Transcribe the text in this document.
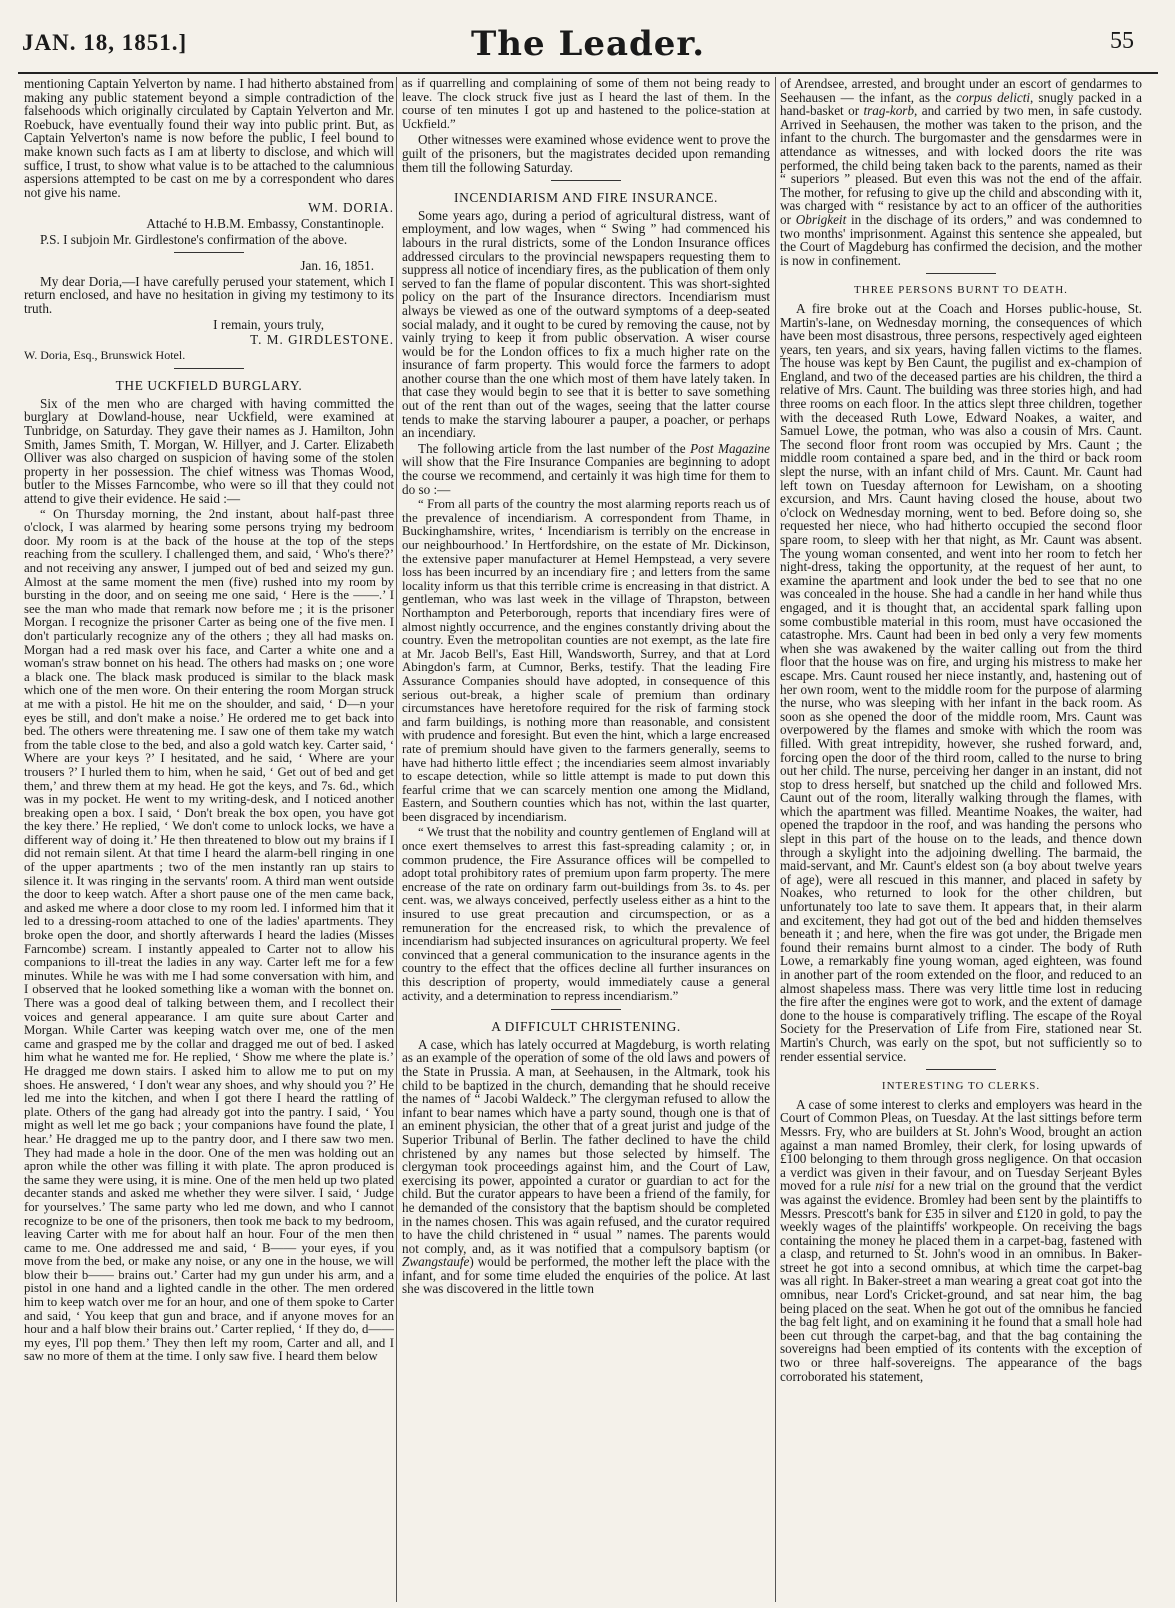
JAN. 18, 1851.]	The Leader.	55

mentioning Captain Yelverton by name. I had hitherto abstained from making any public statement beyond a simple contradiction of the falsehoods which originally circulated by Captain Yelverton and Mr. Roebuck, have eventually found their way into public print. But, as Captain Yelverton's name is now before the public, I feel bound to make known such facts as I am at liberty to disclose, and which will suffice, I trust, to show what value is to be attached to the calumnious aspersions attempted to be cast on me by a correspondent who dares not give his name.

WM. DORIA.

Attaché to H.B.M. Embassy, Constantinople.

P.S. I subjoin Mr. Girdlestone's confirmation of the above.

Jan. 16, 1851.

My dear Doria,—I have carefully perused your statement, which I return enclosed, and have no hesitation in giving my testimony to its truth.

I remain, yours truly,

T. M. GIRDLESTONE.

W. Doria, Esq., Brunswick Hotel.

THE UCKFIELD BURGLARY.

Six of the men who are charged with having committed the burglary at Dowland-house, near Uckfield, were examined at Tunbridge, on Saturday. They gave their names as J. Hamilton, John Smith, James Smith, T. Morgan, W. Hillyer, and J. Carter. Elizabeth Olliver was also charged on suspicion of having some of the stolen property in her possession. The chief witness was Thomas Wood, butler to the Misses Farncombe, who were so ill that they could not attend to give their evidence. He said :—

“ On Thursday morning, the 2nd instant, about half-past three o'clock, I was alarmed by hearing some persons trying my bedroom door. My room is at the back of the house at the top of the steps reaching from the scullery. I challenged them, and said, ‘ Who's there?’ and not receiving any answer, I jumped out of bed and seized my gun. Almost at the same moment the men (five) rushed into my room by bursting in the door, and on seeing me one said, ‘ Here is the ——.’ I see the man who made that remark now before me ; it is the prisoner Morgan. I recognize the prisoner Carter as being one of the five men. I don't particularly recognize any of the others ; they all had masks on. Morgan had a red mask over his face, and Carter a white one and a woman's straw bonnet on his head. The others had masks on ; one wore a black one. The black mask produced is similar to the black mask which one of the men wore. On their entering the room Morgan struck at me with a pistol. He hit me on the shoulder, and said, ‘ D—n your eyes be still, and don't make a noise.’ He ordered me to get back into bed. The others were threatening me. I saw one of them take my watch from the table close to the bed, and also a gold watch key. Carter said, ‘ Where are your keys ?’ I hesitated, and he said, ‘ Where are your trousers ?’ I hurled them to him, when he said, ‘ Get out of bed and get them,’ and threw them at my head. He got the keys, and 7s. 6d., which was in my pocket. He went to my writing-desk, and I noticed another breaking open a box. I said, ‘ Don't break the box open, you have got the key there.’ He replied, ‘ We don't come to unlock locks, we have a different way of doing it.’ He then threatened to blow out my brains if I did not remain silent. At that time I heard the alarm-bell ringing in one of the upper apartments ; two of the men instantly ran up stairs to silence it. It was ringing in the servants' room. A third man went outside the door to keep watch. After a short pause one of the men came back, and asked me where a door close to my room led. I informed him that it led to a dressing-room attached to one of the ladies' apartments. They broke open the door, and shortly afterwards I heard the ladies (Misses Farncombe) scream. I instantly appealed to Carter not to allow his companions to ill-treat the ladies in any way. Carter left me for a few minutes. While he was with me I had some conversation with him, and I observed that he looked something like a woman with the bonnet on. There was a good deal of talking between them, and I recollect their voices and general appearance. I am quite sure about Carter and Morgan. While Carter was keeping watch over me, one of the men came and grasped me by the collar and dragged me out of bed. I asked him what he wanted me for. He replied, ‘ Show me where the plate is.’ He dragged me down stairs. I asked him to allow me to put on my shoes. He answered, ‘ I don't wear any shoes, and why should you ?’ He led me into the kitchen, and when I got there I heard the rattling of plate. Others of the gang had already got into the pantry. I said, ‘ You might as well let me go back ; your companions have found the plate, I hear.’ He dragged me up to the pantry door, and I there saw two men. They had made a hole in the door. One of the men was holding out an apron while the other was filling it with plate. The apron produced is the same they were using, it is mine. One of the men held up two plated decanter stands and asked me whether they were silver. I said, ‘ Judge for yourselves.’ The same party who led me down, and who I cannot recognize to be one of the prisoners, then took me back to my bedroom, leaving Carter with me for about half an hour. Four of the men then came to me. One addressed me and said, ‘ B—— your eyes, if you move from the bed, or make any noise, or any one in the house, we will blow their b—— brains out.’ Carter had my gun under his arm, and a pistol in one hand and a lighted candle in the other. The men ordered him to keep watch over me for an hour, and one of them spoke to Carter and said, ‘ You keep that gun and brace, and if anyone moves for an hour and a half blow their brains out.’ Carter replied, ‘ If they do, d—— my eyes, I'll pop them.’ They then left my room, Carter and all, and I saw no more of them at the time. I only saw five. I heard them below

as if quarrelling and complaining of some of them not being ready to leave. The clock struck five just as I heard the last of them. In the course of ten minutes I got up and hastened to the police-station at Uckfield.”

Other witnesses were examined whose evidence went to prove the guilt of the prisoners, but the magistrates decided upon remanding them till the following Saturday.

INCENDIARISM AND FIRE INSURANCE.

Some years ago, during a period of agricultural distress, want of employment, and low wages, when “ Swing ” had commenced his labours in the rural districts, some of the London Insurance offices addressed circulars to the provincial newspapers requesting them to suppress all notice of incendiary fires, as the publication of them only served to fan the flame of popular discontent. This was short-sighted policy on the part of the Insurance directors. Incendiarism must always be viewed as one of the outward symptoms of a deep-seated social malady, and it ought to be cured by removing the cause, not by vainly trying to keep it from public observation. A wiser course would be for the London offices to fix a much higher rate on the insurance of farm property. This would force the farmers to adopt another course than the one which most of them have lately taken. In that case they would begin to see that it is better to save something out of the rent than out of the wages, seeing that the latter course tends to make the starving labourer a pauper, a poacher, or perhaps an incendiary.

The following article from the last number of the Post Magazine will show that the Fire Insurance Companies are beginning to adopt the course we recommend, and certainly it was high time for them to do so :—

“ From all parts of the country the most alarming reports reach us of the prevalence of incendiarism. A correspondent from Thame, in Buckinghamshire, writes, ‘ Incendiarism is terribly on the encrease in our neighbourhood.’ In Hertfordshire, on the estate of Mr. Dickinson, the extensive paper manufacturer at Hemel Hempstead, a very severe loss has been incurred by an incendiary fire ; and letters from the same locality inform us that this terrible crime is encreasing in that district. A gentleman, who was last week in the village of Thrapston, between Northampton and Peterborough, reports that incendiary fires were of almost nightly occurrence, and the engines constantly driving about the country. Even the metropolitan counties are not exempt, as the late fire at Mr. Jacob Bell's, East Hill, Wandsworth, Surrey, and that at Lord Abingdon's farm, at Cumnor, Berks, testify. That the leading Fire Assurance Companies should have adopted, in consequence of this serious out-break, a higher scale of premium than ordinary circumstances have heretofore required for the risk of farming stock and farm buildings, is nothing more than reasonable, and consistent with prudence and foresight. But even the hint, which a large encreased rate of premium should have given to the farmers generally, seems to have had hitherto little effect ; the incendiaries seem almost invariably to escape detection, while so little attempt is made to put down this fearful crime that we can scarcely mention one among the Midland, Eastern, and Southern counties which has not, within the last quarter, been disgraced by incendiarism.

“ We trust that the nobility and country gentlemen of England will at once exert themselves to arrest this fast-spreading calamity ; or, in common prudence, the Fire Assurance offices will be compelled to adopt total prohibitory rates of premium upon farm property. The mere encrease of the rate on ordinary farm out-buildings from 3s. to 4s. per cent. was, we always conceived, perfectly useless either as a hint to the insured to use great precaution and circumspection, or as a remuneration for the encreased risk, to which the prevalence of incendiarism had subjected insurances on agricultural property. We feel convinced that a general communication to the insurance agents in the country to the effect that the offices decline all further insurances on this description of property, would immediately cause a general activity, and a determination to repress incendiarism.”

A DIFFICULT CHRISTENING.

A case, which has lately occurred at Magdeburg, is worth relating as an example of the operation of some of the old laws and powers of the State in Prussia. A man, at Seehausen, in the Altmark, took his child to be baptized in the church, demanding that he should receive the names of “ Jacobi Waldeck.” The clergyman refused to allow the infant to bear names which have a party sound, though one is that of an eminent physician, the other that of a great jurist and judge of the Superior Tribunal of Berlin. The father declined to have the child christened by any names but those selected by himself. The clergyman took proceedings against him, and the Court of Law, exercising its power, appointed a curator or guardian to act for the child. But the curator appears to have been a friend of the family, for he demanded of the consistory that the baptism should be completed in the names chosen. This was again refused, and the curator required to have the child christened in “ usual ” names. The parents would not comply, and, as it was notified that a compulsory baptism (or Zwangstaufe) would be performed, the mother left the place with the infant, and for some time eluded the enquiries of the police. At last she was discovered in the little town

of Arendsee, arrested, and brought under an escort of gendarmes to Seehausen — the infant, as the corpus delicti, snugly packed in a hand-basket or trag-korb, and carried by two men, in safe custody. Arrived in Seehausen, the mother was taken to the prison, and the infant to the church. The burgomaster and the gensdarmes were in attendance as witnesses, and with locked doors the rite was performed, the child being taken back to the parents, named as their “ superiors ” pleased. But even this was not the end of the affair. The mother, for refusing to give up the child and absconding with it, was charged with “ resistance by act to an officer of the authorities or Obrigkeit in the dischage of its orders,” and was condemned to two months' imprisonment. Against this sentence she appealed, but the Court of Magdeburg has confirmed the decision, and the mother is now in confinement.

THREE PERSONS BURNT TO DEATH.

A fire broke out at the Coach and Horses public-house, St. Martin's-lane, on Wednesday morning, the consequences of which have been most disastrous, three persons, respectively aged eighteen years, ten years, and six years, having fallen victims to the flames. The house was kept by Ben Caunt, the pugilist and ex-champion of England, and two of the deceased parties are his children, the third a relative of Mrs. Caunt. The building was three stories high, and had three rooms on each floor. In the attics slept three children, together with the deceased Ruth Lowe, Edward Noakes, a waiter, and Samuel Lowe, the potman, who was also a cousin of Mrs. Caunt. The second floor front room was occupied by Mrs. Caunt ; the middle room contained a spare bed, and in the third or back room slept the nurse, with an infant child of Mrs. Caunt. Mr. Caunt had left town on Tuesday afternoon for Lewisham, on a shooting excursion, and Mrs. Caunt having closed the house, about two o'clock on Wednesday morning, went to bed. Before doing so, she requested her niece, who had hitherto occupied the second floor spare room, to sleep with her that night, as Mr. Caunt was absent. The young woman consented, and went into her room to fetch her night-dress, taking the opportunity, at the request of her aunt, to examine the apartment and look under the bed to see that no one was concealed in the house. She had a candle in her hand while thus engaged, and it is thought that, an accidental spark falling upon some combustible material in this room, must have occasioned the catastrophe. Mrs. Caunt had been in bed only a very few moments when she was awakened by the waiter calling out from the third floor that the house was on fire, and urging his mistress to make her escape. Mrs. Caunt roused her niece instantly, and, hastening out of her own room, went to the middle room for the purpose of alarming the nurse, who was sleeping with her infant in the back room. As soon as she opened the door of the middle room, Mrs. Caunt was overpowered by the flames and smoke with which the room was filled. With great intrepidity, however, she rushed forward, and, forcing open the door of the third room, called to the nurse to bring out her child. The nurse, perceiving her danger in an instant, did not stop to dress herself, but snatched up the child and followed Mrs. Caunt out of the room, literally walking through the flames, with which the apartment was filled. Meantime Noakes, the waiter, had opened the trapdoor in the roof, and was handing the persons who slept in this part of the house on to the leads, and thence down through a skylight into the adjoining dwelling. The barmaid, the maid-servant, and Mr. Caunt's eldest son (a boy about twelve years of age), were all rescued in this manner, and placed in safety by Noakes, who returned to look for the other children, but unfortunately too late to save them. It appears that, in their alarm and excitement, they had got out of the bed and hidden themselves beneath it ; and here, when the fire was got under, the Brigade men found their remains burnt almost to a cinder. The body of Ruth Lowe, a remarkably fine young woman, aged eighteen, was found in another part of the room extended on the floor, and reduced to an almost shapeless mass. There was very little time lost in reducing the fire after the engines were got to work, and the extent of damage done to the house is comparatively trifling. The escape of the Royal Society for the Preservation of Life from Fire, stationed near St. Martin's Church, was early on the spot, but not sufficiently so to render essential service.

INTERESTING TO CLERKS.

A case of some interest to clerks and employers was heard in the Court of Common Pleas, on Tuesday. At the last sittings before term Messrs. Fry, who are builders at St. John's Wood, brought an action against a man named Bromley, their clerk, for losing upwards of £100 belonging to them through gross negligence. On that occasion a verdict was given in their favour, and on Tuesday Serjeant Byles moved for a rule nisi for a new trial on the ground that the verdict was against the evidence. Bromley had been sent by the plaintiffs to Messrs. Prescott's bank for £35 in silver and £120 in gold, to pay the weekly wages of the plaintiffs' workpeople. On receiving the bags containing the money he placed them in a carpet-bag, fastened with a clasp, and returned to St. John's wood in an omnibus. In Baker-street he got into a second omnibus, at which time the carpet-bag was all right. In Baker-street a man wearing a great coat got into the omnibus, near Lord's Cricket-ground, and sat near him, the bag being placed on the seat. When he got out of the omnibus he fancied the bag felt light, and on examining it he found that a small hole had been cut through the carpet-bag, and that the bag containing the sovereigns had been emptied of its contents with the exception of two or three half-sovereigns. The appearance of the bags corroborated his statement,
